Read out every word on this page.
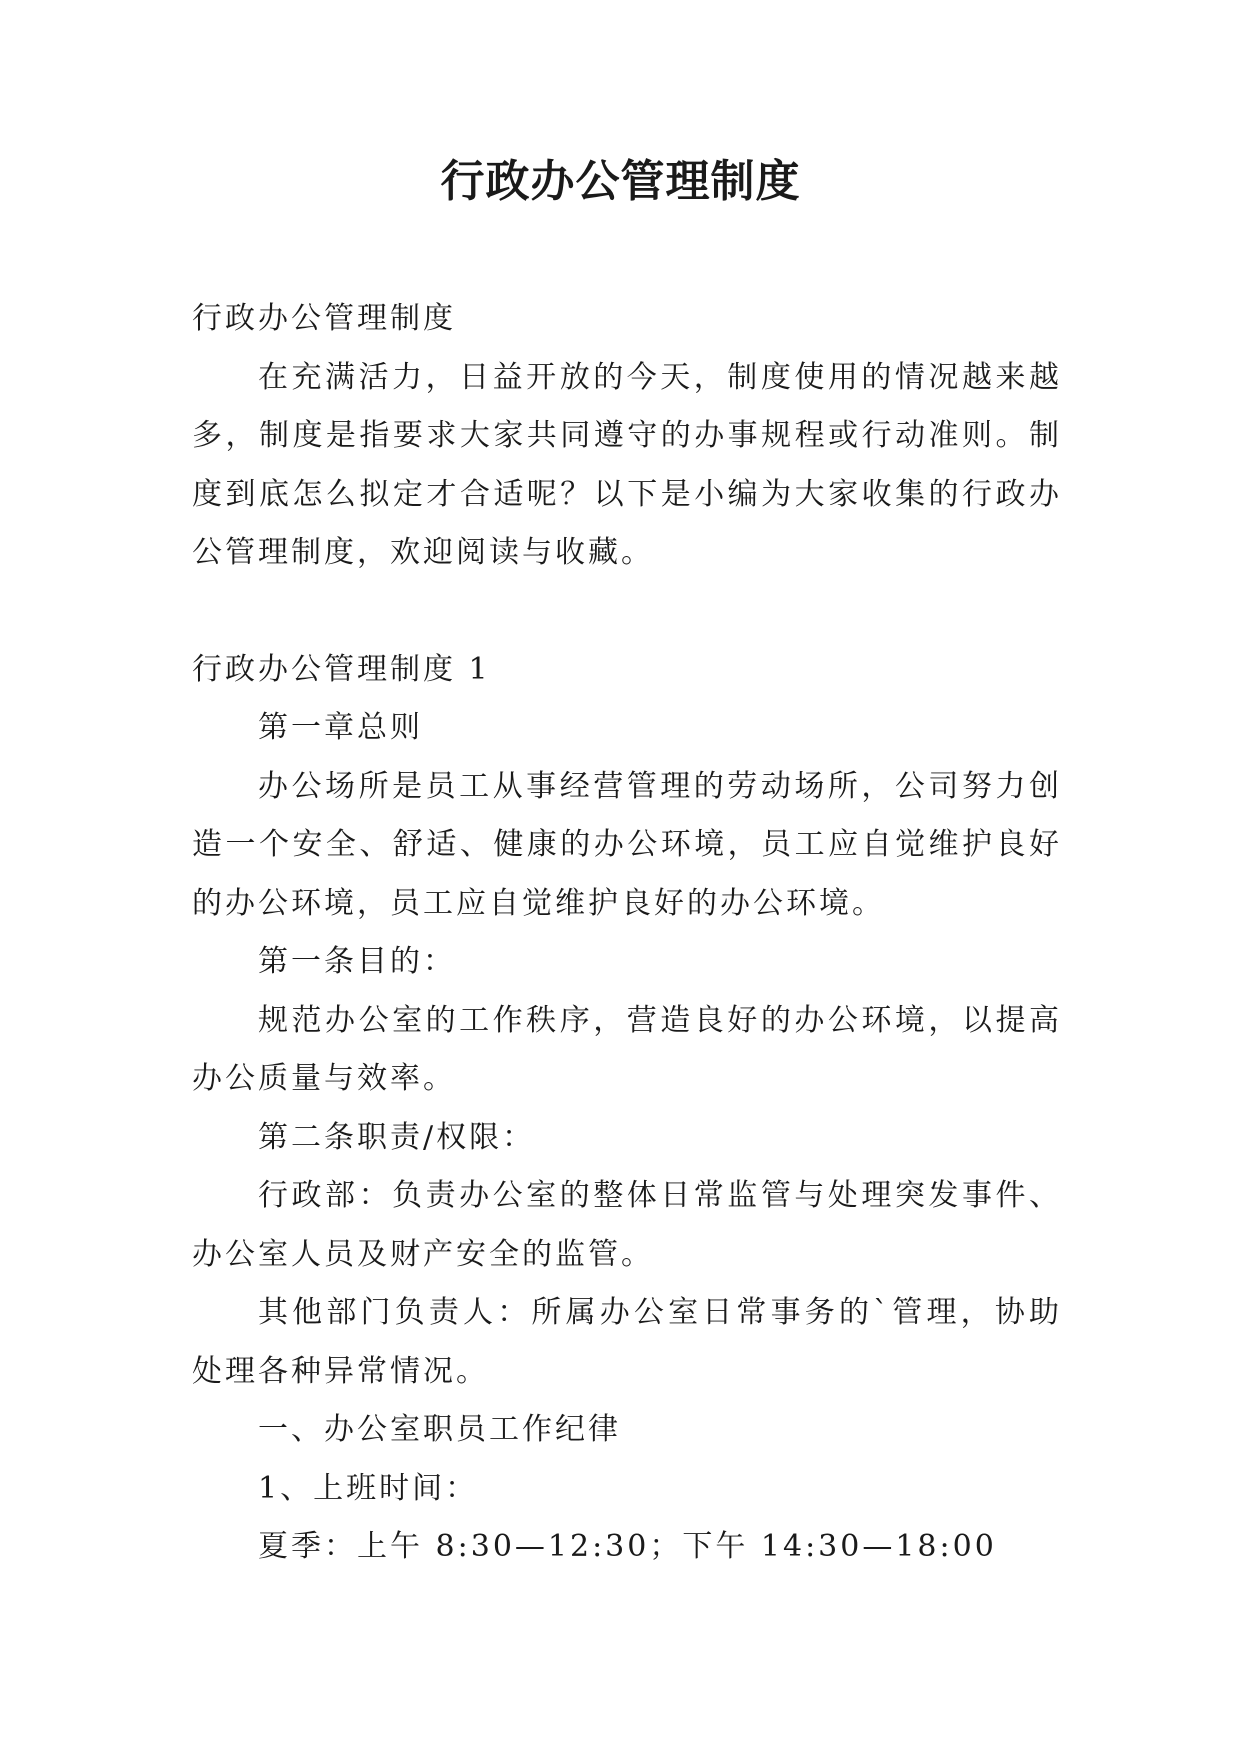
行政办公管理制度

行政办公管理制度

在充满活力，日益开放的今天，制度使用的情况越来越多，制度是指要求大家共同遵守的办事规程或行动准则。制度到底怎么拟定才合适呢？以下是小编为大家收集的行政办公管理制度，欢迎阅读与收藏。

行政办公管理制度 1

第一章总则

办公场所是员工从事经营管理的劳动场所，公司努力创造一个安全、舒适、健康的办公环境，员工应自觉维护良好的办公环境，员工应自觉维护良好的办公环境。

第一条目的：

规范办公室的工作秩序，营造良好的办公环境，以提高办公质量与效率。

第二条职责/权限：

行政部：负责办公室的整体日常监管与处理突发事件、办公室人员及财产安全的监管。

其他部门负责人：所属办公室日常事务的`管理，协助处理各种异常情况。

一、办公室职员工作纪律

1、上班时间：

夏季：上午 8:30—12:30；下午 14:30—18:00
